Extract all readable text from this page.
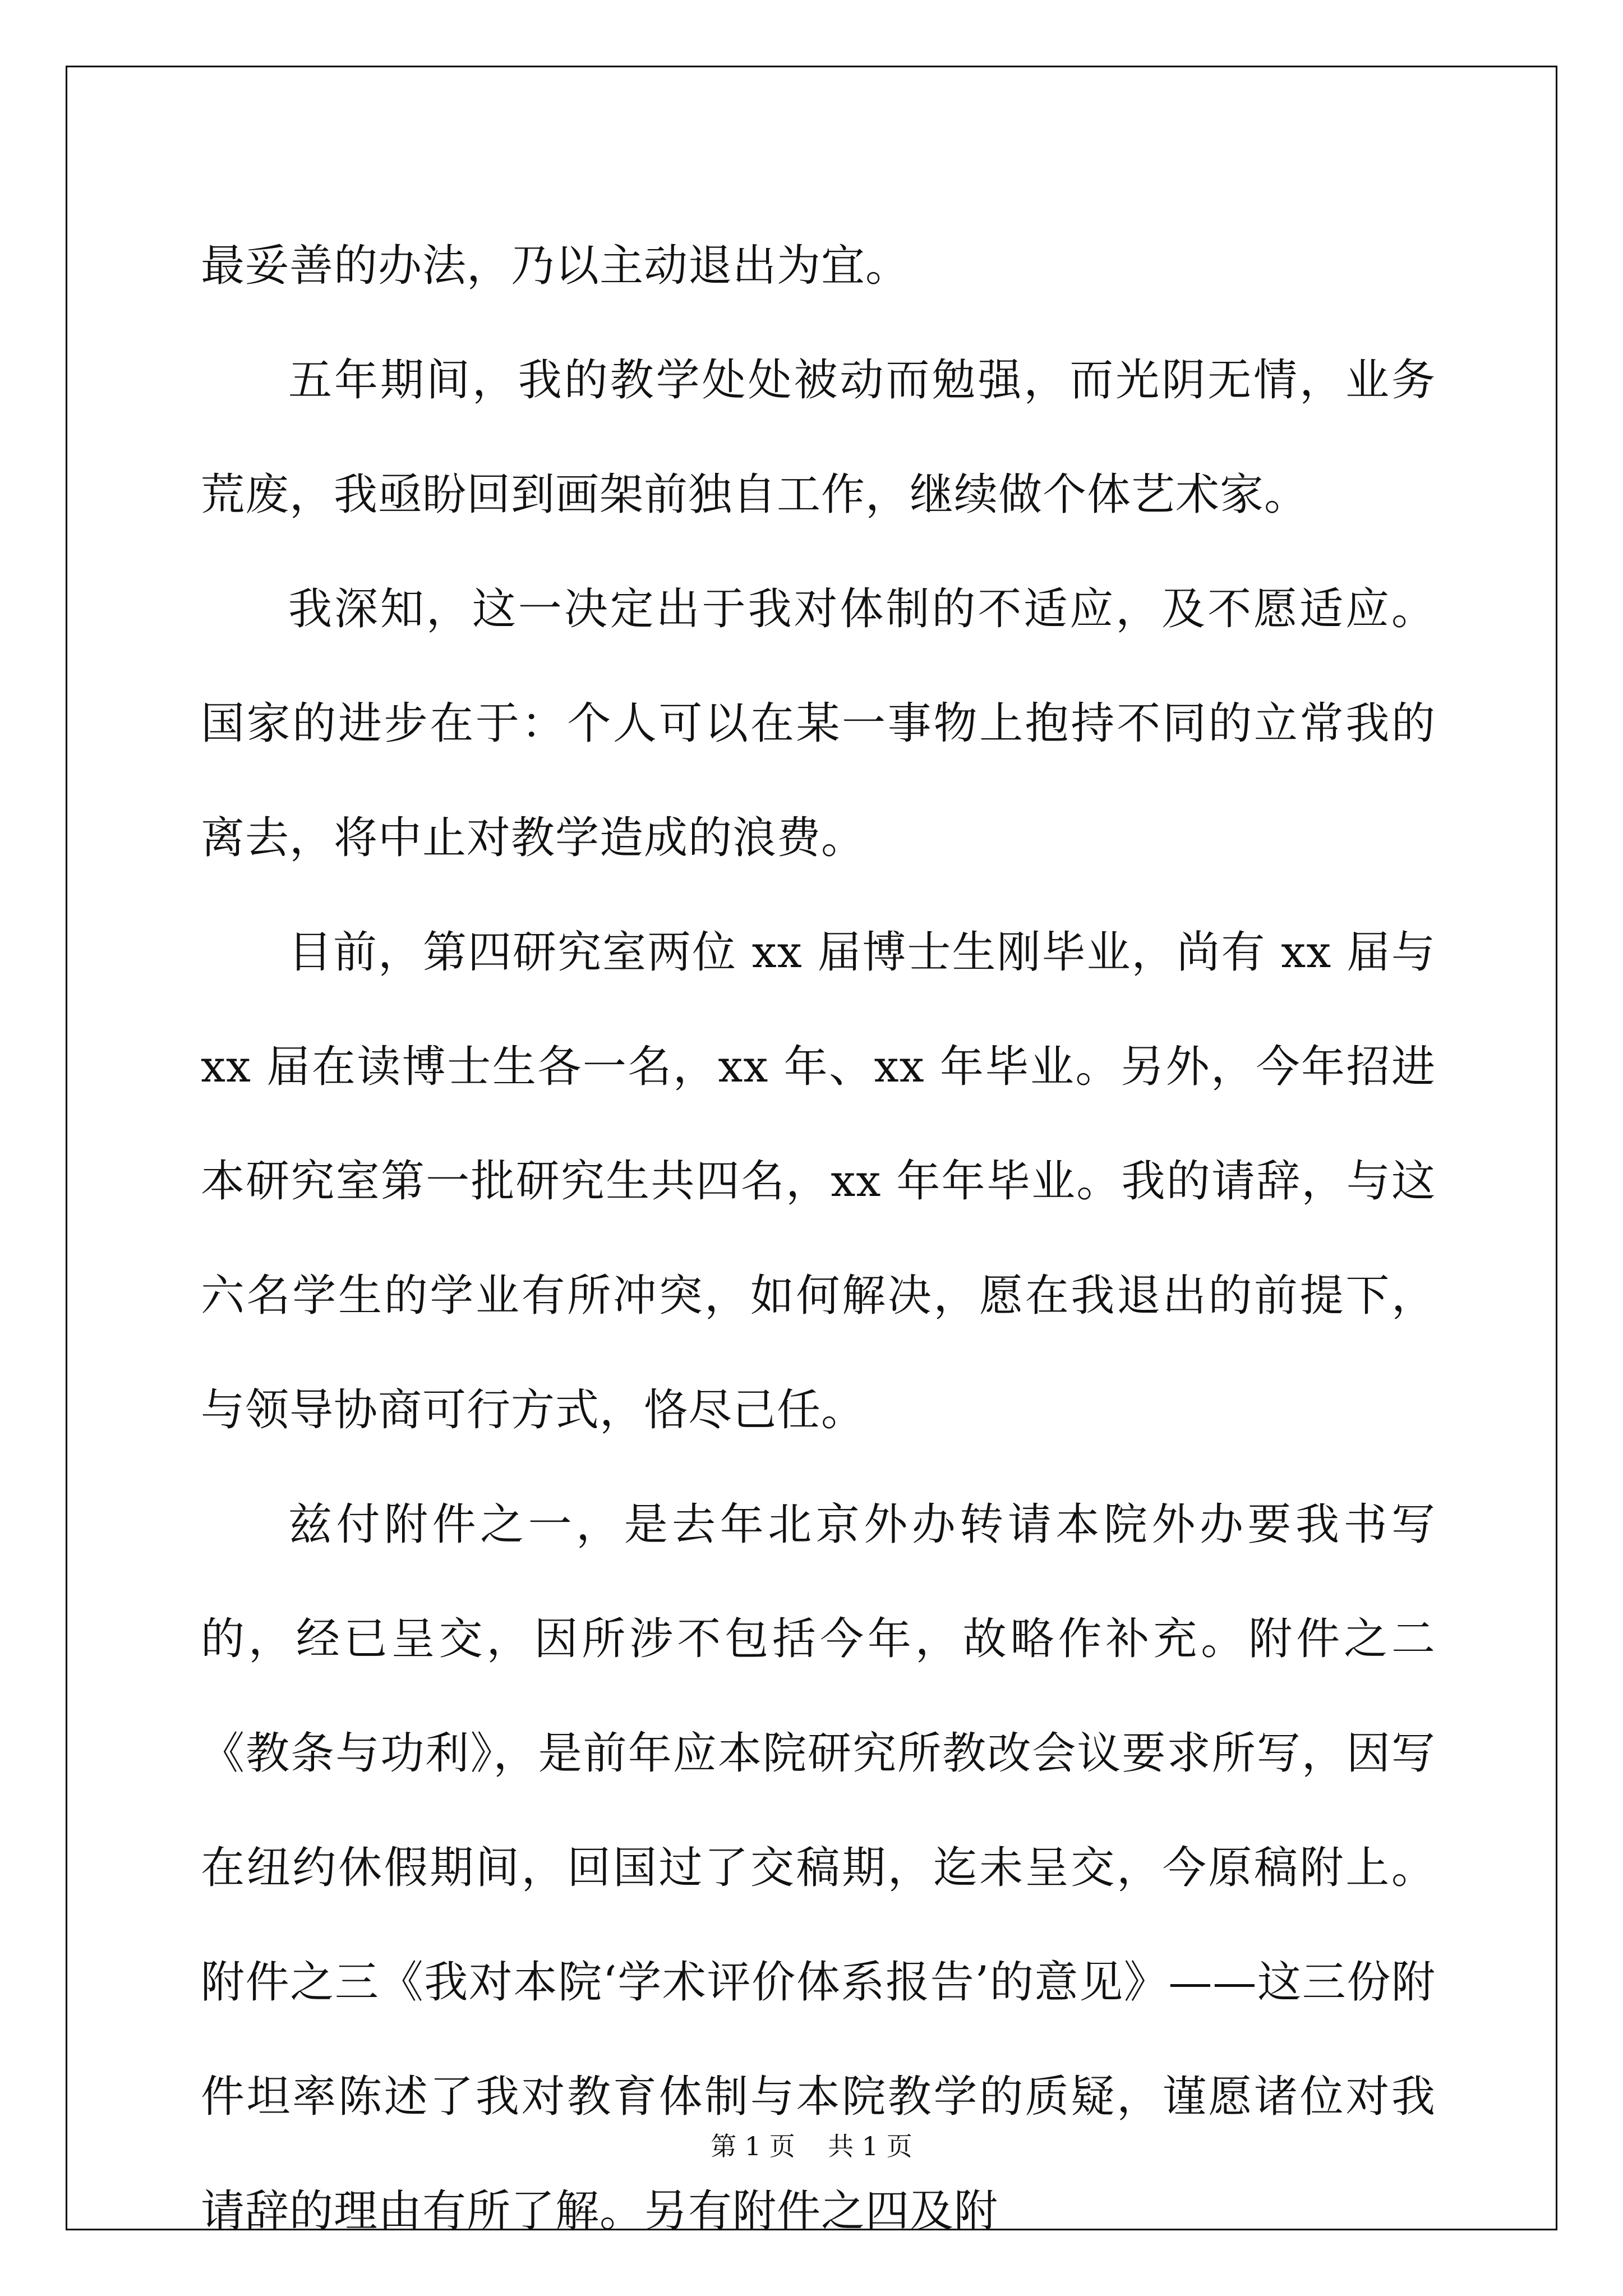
最妥善的办法，乃以主动退出为宜。

五年期间，我的教学处处被动而勉强，而光阴无情，业务荒废，我亟盼回到画架前独自工作，继续做个体艺术家。

我深知，这一决定出于我对体制的不适应，及不愿适应。国家的进步在于：个人可以在某一事物上抱持不同的立常我的离去，将中止对教学造成的浪费。

目前，第四研究室两位 xx 届博士生刚毕业，尚有 xx 届与 xx 届在读博士生各一名，xx 年、xx 年毕业。另外，今年招进本研究室第一批研究生共四名，xx 年年毕业。我的请辞，与这六名学生的学业有所冲突，如何解决，愿在我退出的前提下，与领导协商可行方式，恪尽己任。

兹付附件之一，是去年北京外办转请本院外办要我书写的，经已呈交，因所涉不包括今年，故略作补充。附件之二《教条与功利》，是前年应本院研究所教改会议要求所写，因写在纽约休假期间，回国过了交稿期，迄未呈交，今原稿附上。附件之三《我对本院‘学术评价体系报告’的意见》——这三份附件坦率陈述了我对教育体制与本院教学的质疑，谨愿诸位对我请辞的理由有所了解。另有附件之四及附

第 1 页    共 1 页
